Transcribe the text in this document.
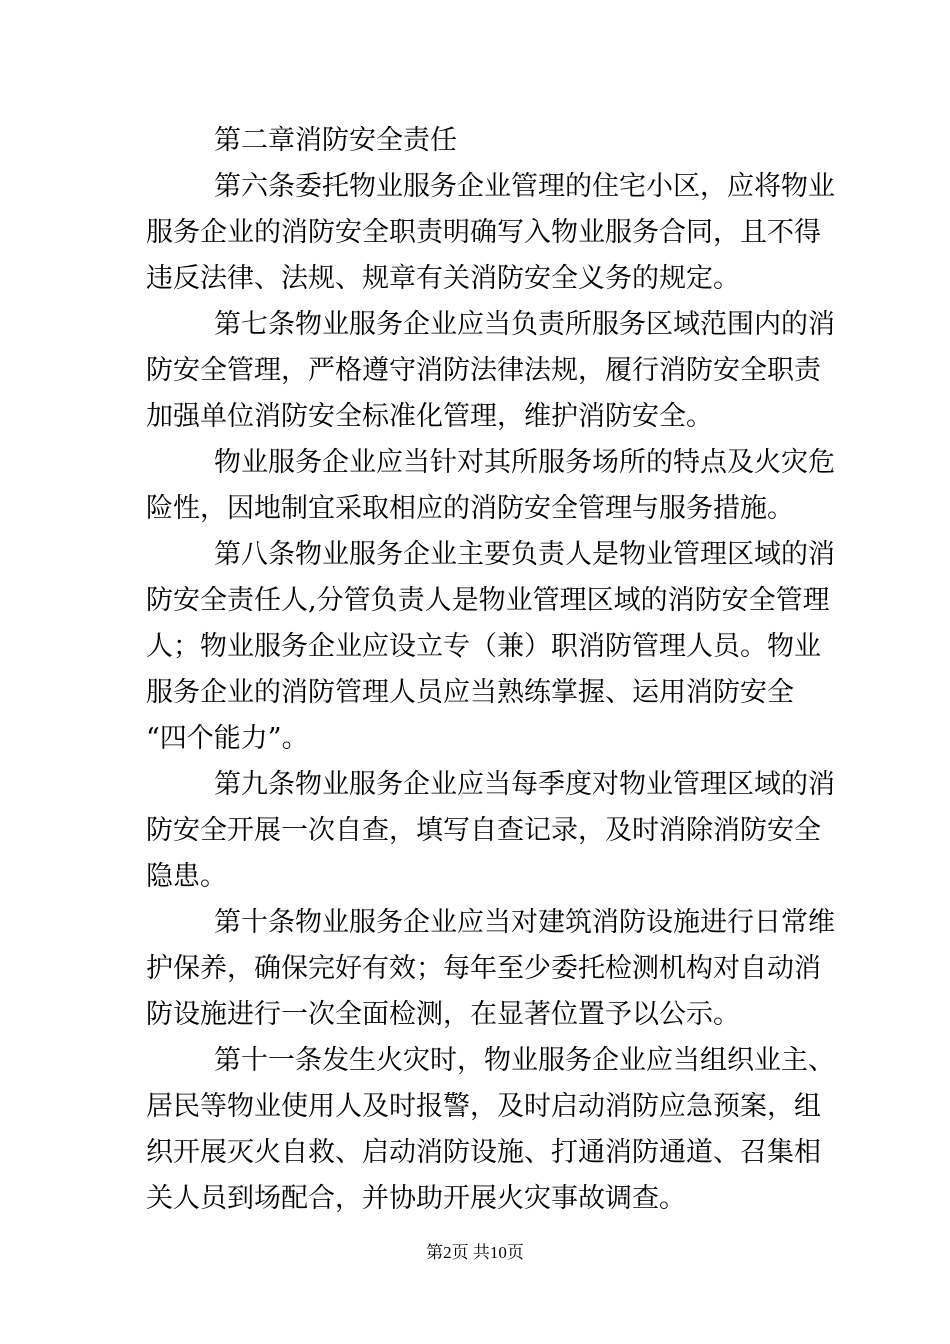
第二章消防安全责任
第六条委托物业服务企业管理的住宅小区，应将物业
服务企业的消防安全职责明确写入物业服务合同，且不得
违反法律、法规、规章有关消防安全义务的规定。
第七条物业服务企业应当负责所服务区域范围内的消
防安全管理，严格遵守消防法律法规，履行消防安全职责
加强单位消防安全标准化管理，维护消防安全。
物业服务企业应当针对其所服务场所的特点及火灾危
险性，因地制宜采取相应的消防安全管理与服务措施。
第八条物业服务企业主要负责人是物业管理区域的消
防安全责任人,分管负责人是物业管理区域的消防安全管理
人；物业服务企业应设立专（兼）职消防管理人员。物业
服务企业的消防管理人员应当熟练掌握、运用消防安全
“四个能力”。
第九条物业服务企业应当每季度对物业管理区域的消
防安全开展一次自查，填写自查记录，及时消除消防安全
隐患。
第十条物业服务企业应当对建筑消防设施进行日常维
护保养，确保完好有效；每年至少委托检测机构对自动消
防设施进行一次全面检测，在显著位置予以公示。
第十一条发生火灾时，物业服务企业应当组织业主、
居民等物业使用人及时报警，及时启动消防应急预案，组
织开展灭火自救、启动消防设施、打通消防通道、召集相
关人员到场配合，并协助开展火灾事故调查。
第2页 共10页
